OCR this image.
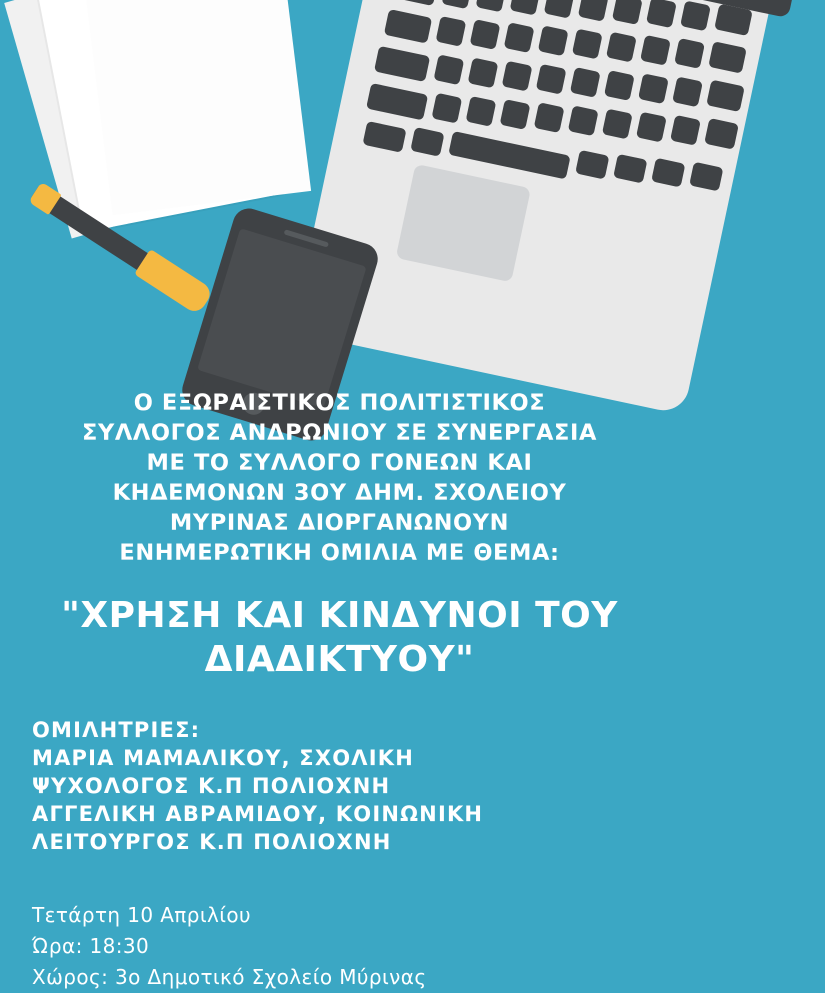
Ο ΕΞΩΡΑΙΣΤΙΚΟΣ ΠΟΛΙΤΙΣΤΙΚΟΣ
ΣΥΛΛΟΓΟΣ ΑΝΔΡΩΝΙΟΥ ΣΕ ΣΥΝΕΡΓΑΣΙΑ
ΜΕ ΤΟ ΣΥΛΛΟΓΟ ΓΟΝΕΩΝ ΚΑΙ
ΚΗΔΕΜΟΝΩΝ 3ΟΥ ΔΗΜ. ΣΧΟΛΕΙΟΥ
ΜΥΡΙΝΑΣ ΔΙΟΡΓΑΝΩΝΟΥΝ
ΕΝΗΜΕΡΩΤΙΚΗ ΟΜΙΛΙΑ ΜΕ ΘΕΜΑ:
"ΧΡΗΣΗ ΚΑΙ ΚΙΝΔΥΝΟΙ ΤΟΥ
ΔΙΑΔΙΚΤΥΟΥ"
ΟΜΙΛΗΤΡΙΕΣ:
ΜΑΡΙΑ ΜΑΜΑΛΙΚΟΥ, ΣΧΟΛΙΚΗ
ΨΥΧΟΛΟΓΟΣ Κ.Π ΠΟΛΙΟΧΝΗ
ΑΓΓΕΛΙΚΗ ΑΒΡΑΜΙΔΟΥ, ΚΟΙΝΩΝΙΚΗ
ΛΕΙΤΟΥΡΓΟΣ Κ.Π ΠΟΛΙΟΧΝΗ
Τετάρτη 10 Απριλίου
Ώρα: 18:30
Χώρος: 3ο Δημοτικό Σχολείο Μύρινας
